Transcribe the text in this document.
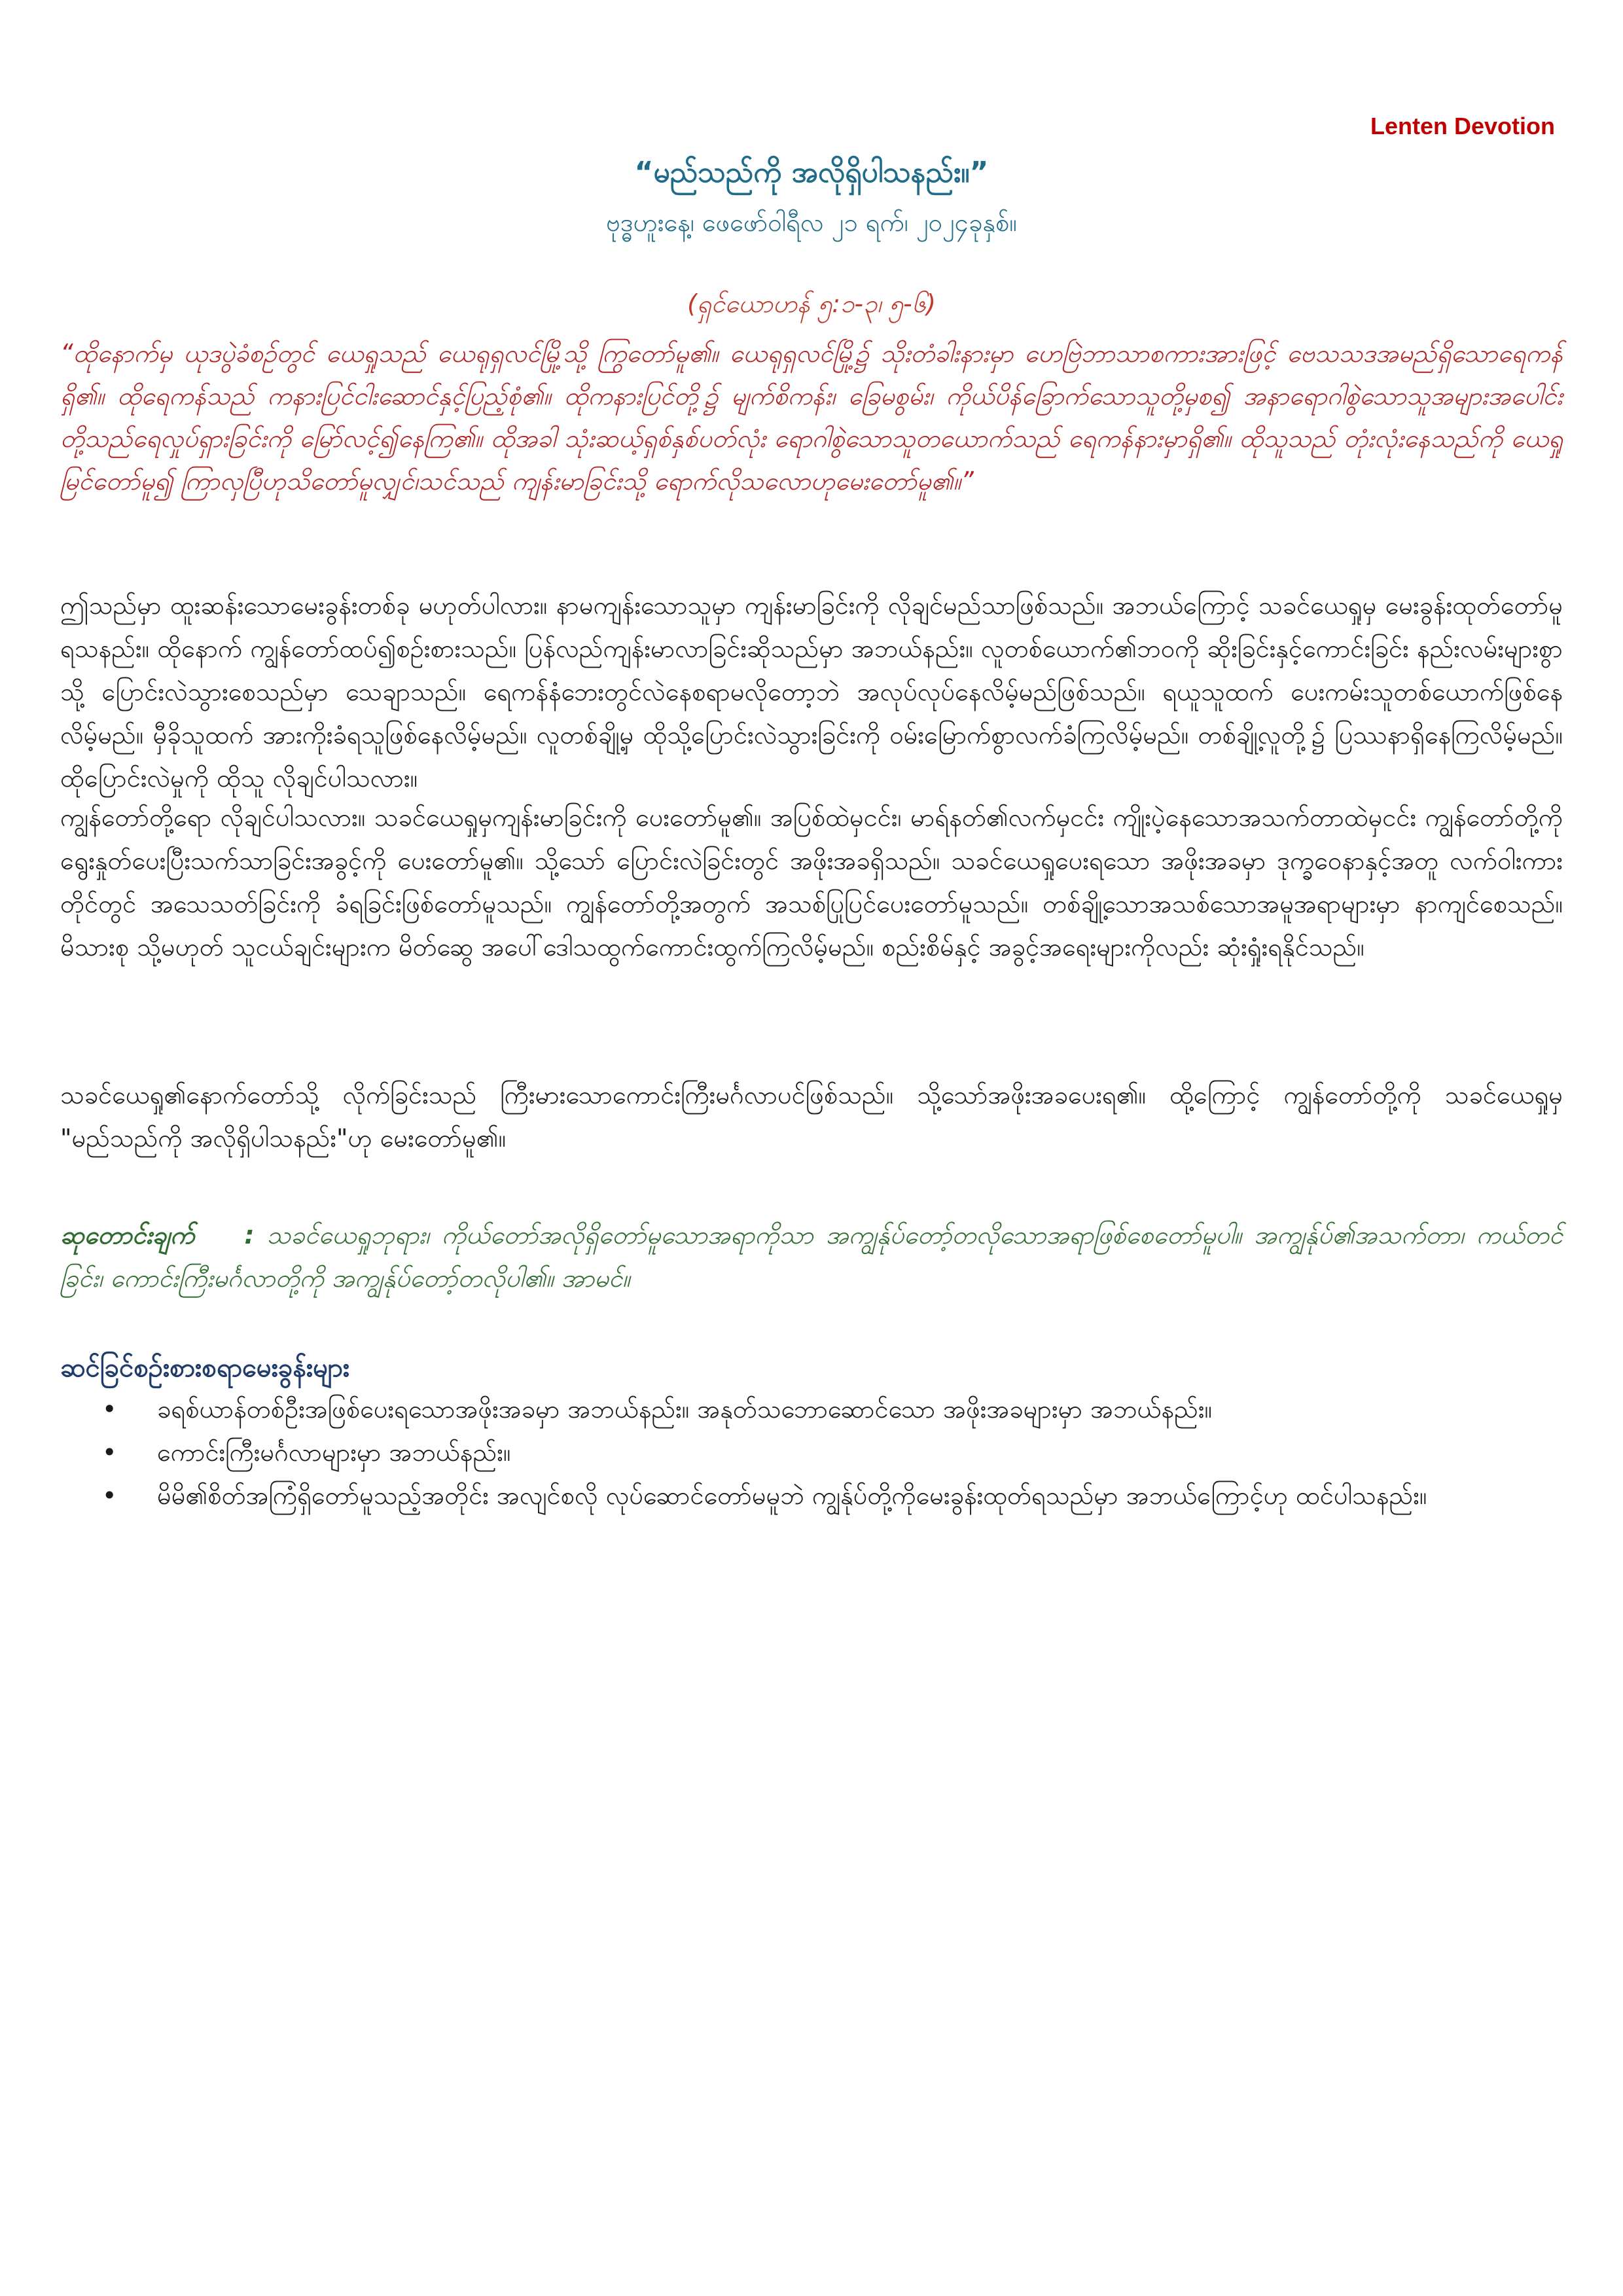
Lenten Devotion
“မည်သည်ကို အလိုရှိပါသနည်း။”
ဗုဒ္ဓဟူးနေ့၊ ဖေဖော်ဝါရီလ ၂၁ ရက်၊ ၂၀၂၄ခုနှစ်။
(ရှင်ယောဟန် ၅:၁-၃၊ ၅-၆)

“ထိုနောက်မှ ယုဒပွဲခံစဉ်တွင် ယေရှုသည် ယေရုရှလင်မြို့သို့ ကြွတော်မူ၏။ ယေရုရှလင်မြို့၌ သိုးတံခါးနားမှာ ဟေဗြဲဘာသာစကားအားဖြင့် ဗေသသဒအမည်ရှိသောရေကန်ရှိ၏။ ထိုရေကန်သည် ကနားပြင်ငါးဆောင်နှင့်ပြည့်စုံ၏။ ထိုကနားပြင်တို့၌ မျက်စိကန်း၊ ခြေမစွမ်း၊ ကိုယ်ပိန်ခြောက်သောသူတို့မှစ၍ အနာရောဂါစွဲသောသူအများအပေါင်းတို့သည်ရေလှုပ်ရှားခြင်းကို မြော်လင့်၍နေကြ၏။ ထိုအခါ သုံးဆယ့်ရှစ်နှစ်ပတ်လုံး ရောဂါစွဲသောသူတယောက်သည် ရေကန်နားမှာရှိ၏။ ထိုသူသည် တုံးလုံးနေသည်ကို ယေရှုမြင်တော်မူ၍ ကြာလှပြီဟုသိတော်မူလျှင်၊သင်သည် ကျန်းမာခြင်းသို့ ရောက်လိုသလောဟုမေးတော်မူ၏။”

ဤသည်မှာ ထူးဆန်းသောမေးခွန်းတစ်ခု မဟုတ်ပါလား။ နာမကျန်းသောသူမှာ ကျန်းမာခြင်းကို လိုချင်မည်သာဖြစ်သည်။ အဘယ်ကြောင့် သခင်ယေရှုမှ မေးခွန်းထုတ်တော်မူရသနည်း။ ထိုနောက် ကျွန်တော်ထပ်၍စဉ်းစားသည်။ ပြန်လည်ကျန်းမာလာခြင်းဆိုသည်မှာ အဘယ်နည်း။ လူတစ်ယောက်၏ဘဝကို ဆိုးခြင်းနှင့်ကောင်းခြင်း နည်းလမ်းများစွာသို့ ပြောင်းလဲသွားစေသည်မှာ သေချာသည်။ ရေကန်နံဘေးတွင်လဲနေစရာမလိုတော့ဘဲ အလုပ်လုပ်နေလိမ့်မည်ဖြစ်သည်။ ရယူသူထက် ပေးကမ်းသူတစ်ယောက်ဖြစ်နေလိမ့်မည်။ မှီခိုသူထက် အားကိုးခံရသူဖြစ်နေလိမ့်မည်။ လူတစ်ချို့မှ ထိုသို့ပြောင်းလဲသွားခြင်းကို ဝမ်းမြောက်စွာလက်ခံကြလိမ့်မည်။ တစ်ချို့လူတို့၌ ပြဿနာရှိနေကြလိမ့်မည်။ ထိုပြောင်းလဲမှုကို ထိုသူ လိုချင်ပါသလား။

ကျွန်တော်တို့ရော လိုချင်ပါသလား။ သခင်ယေရှုမှကျန်းမာခြင်းကို ပေးတော်မူ၏။ အပြစ်ထဲမှငင်း၊ မာရ်နတ်၏လက်မှငင်း ကျိုးပဲ့နေသောအသက်တာထဲမှငင်း ကျွန်တော်တို့ကို ရွေးနှုတ်ပေးပြီးသက်သာခြင်းအခွင့်ကို ပေးတော်မူ၏။ သို့သော် ပြောင်းလဲခြင်းတွင် အဖိုးအခရှိသည်။ သခင်ယေရှုပေးရသော အဖိုးအခမှာ ဒုက္ခဝေနာနှင့်အတူ လက်ဝါးကားတိုင်တွင် အသေသတ်ခြင်းကို ခံရခြင်းဖြစ်တော်မူသည်။ ကျွန်တော်တို့အတွက် အသစ်ပြုပြင်ပေးတော်မူသည်။ တစ်ချို့သောအသစ်သောအမူအရာများမှာ နာကျင်စေသည်။ မိသားစု သို့မဟုတ် သူငယ်ချင်းများက မိတ်ဆွေ အပေါ်ဒေါသထွက်ကောင်းထွက်ကြလိမ့်မည်။ စည်းစိမ်နှင့် အခွင့်အရေးများကိုလည်း ဆုံးရှုံးရနိုင်သည်။

သခင်ယေရှု၏နောက်တော်သို့ လိုက်ခြင်းသည် ကြီးမားသောကောင်းကြီးမင်္ဂလာပင်ဖြစ်သည်။ သို့သော်အဖိုးအခပေးရ၏။ ထို့ကြောင့် ကျွန်တော်တို့ကို သခင်ယေရှုမှ "မည်သည်ကို အလိုရှိပါသနည်း"ဟု မေးတော်မူ၏။

ဆုတောင်းချက် : သခင်ယေရှုဘုရား၊ ကိုယ်တော်အလိုရှိတော်မူသောအရာကိုသာ အကျွန်ုပ်တော့်တလိုသောအရာဖြစ်စေတော်မူပါ။ အကျွန်ုပ်၏အသက်တာ၊ ကယ်တင်ခြင်း၊ ကောင်းကြီးမင်္ဂလာတို့ကို အကျွန်ုပ်တော့်တလိုပါ၏။ အာမင်။

ဆင်ခြင်စဉ်းစားစရာမေးခွန်းများ
• ခရစ်ယာန်တစ်ဦးအဖြစ်ပေးရသောအဖိုးအခမှာ အဘယ်နည်း။ အနုတ်သဘောဆောင်သော အဖိုးအခများမှာ အဘယ်နည်း။
• ကောင်းကြီးမင်္ဂလာများမှာ အဘယ်နည်း။
• မိမိ၏စိတ်အကြံရှိတော်မူသည့်အတိုင်း အလျင်စလို လုပ်ဆောင်တော်မမူဘဲ ကျွန်ုပ်တို့ကိုမေးခွန်းထုတ်ရသည်မှာ အဘယ်ကြောင့်ဟု ထင်ပါသနည်း။
